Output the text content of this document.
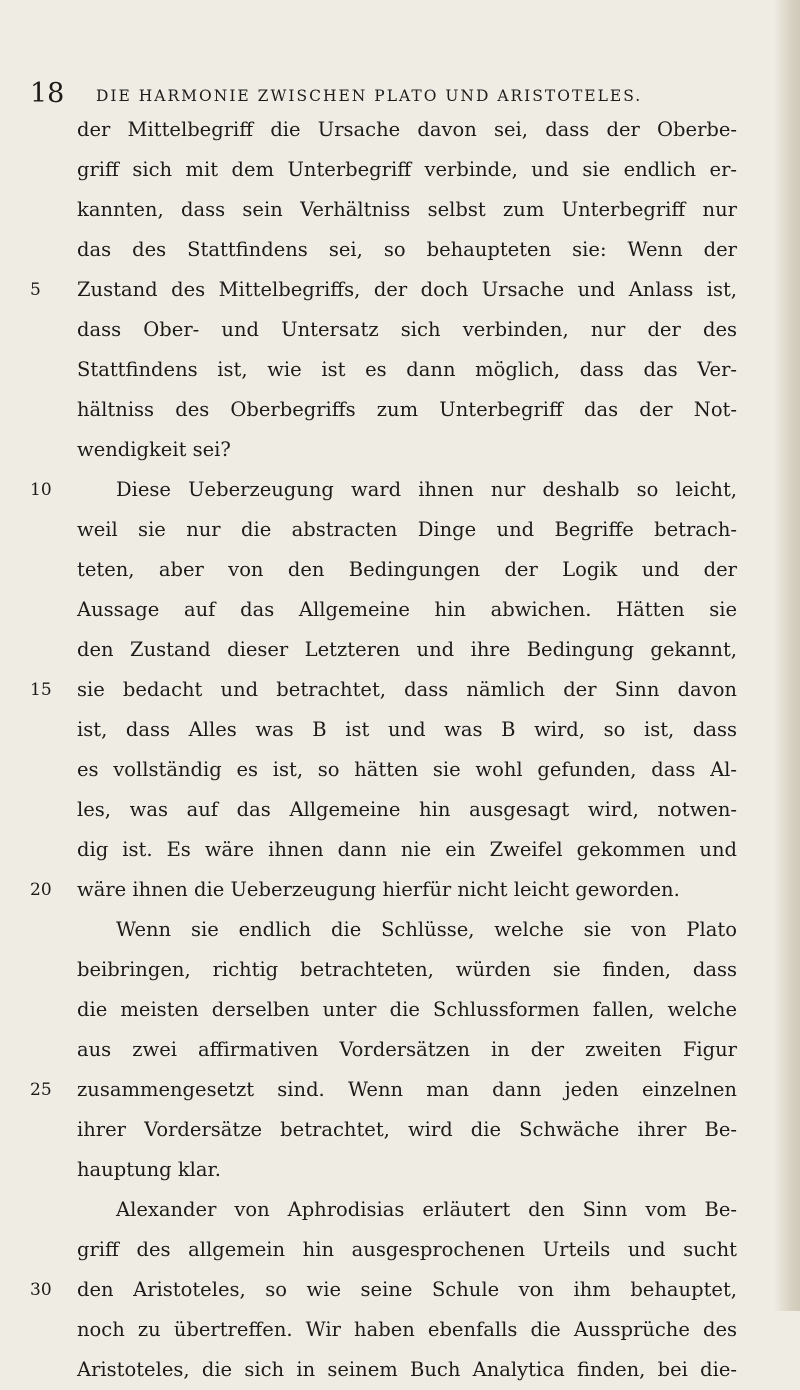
18 DIE HARMONIE ZWISCHEN PLATO UND ARISTOTELES.
der Mittelbegriff die Ursache davon sei, dass der Oberbe-
griff sich mit dem Unterbegriff verbinde, und sie endlich er-
kannten, dass sein Verhältniss selbst zum Unterbegriff nur
das des Stattfindens sei, so behaupteten sie: Wenn der
Zustand des Mittelbegriffs, der doch Ursache und Anlass ist,
5
dass Ober- und Untersatz sich verbinden, nur der des
Stattfindens ist, wie ist es dann möglich, dass das Ver-
hältniss des Oberbegriffs zum Unterbegriff das der Not-
wendigkeit sei?
Diese Ueberzeugung ward ihnen nur deshalb so leicht,
10
weil sie nur die abstracten Dinge und Begriffe betrach-
teten, aber von den Bedingungen der Logik und der
Aussage auf das Allgemeine hin abwichen. Hätten sie
den Zustand dieser Letzteren und ihre Bedingung gekannt,
sie bedacht und betrachtet, dass nämlich der Sinn davon
15
ist, dass Alles was B ist und was B wird, so ist, dass
es vollständig es ist, so hätten sie wohl gefunden, dass Al-
les, was auf das Allgemeine hin ausgesagt wird, notwen-
dig ist. Es wäre ihnen dann nie ein Zweifel gekommen und
wäre ihnen die Ueberzeugung hierfür nicht leicht geworden.
20
Wenn sie endlich die Schlüsse, welche sie von Plato
beibringen, richtig betrachteten, würden sie finden, dass
die meisten derselben unter die Schlussformen fallen, welche
aus zwei affirmativen Vordersätzen in der zweiten Figur
zusammengesetzt sind. Wenn man dann jeden einzelnen
25
ihrer Vordersätze betrachtet, wird die Schwäche ihrer Be-
hauptung klar.
Alexander von Aphrodisias erläutert den Sinn vom Be-
griff des allgemein hin ausgesprochenen Urteils und sucht
den Aristoteles, so wie seine Schule von ihm behauptet,
30
noch zu übertreffen. Wir haben ebenfalls die Aussprüche des
Aristoteles, die sich in seinem Buch Analytica finden, bei die-
